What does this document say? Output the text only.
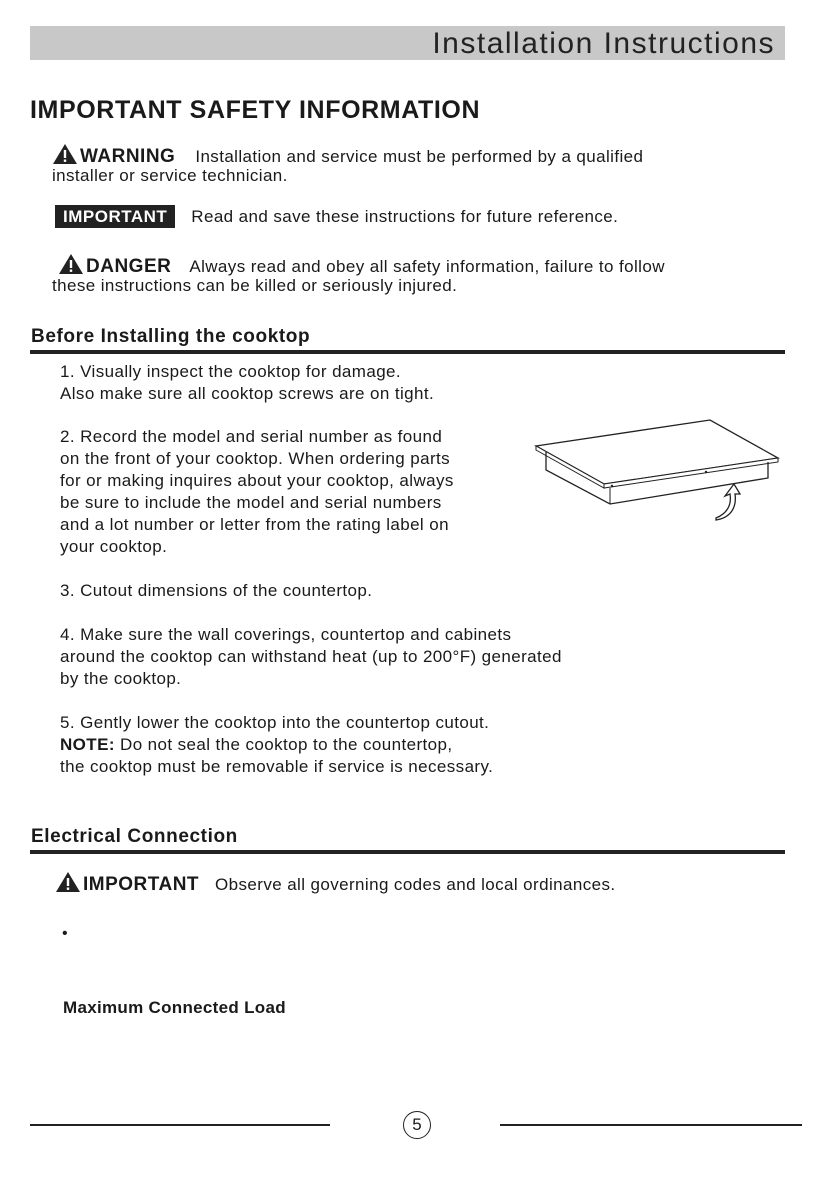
Installation Instructions
IMPORTANT SAFETY INFORMATION
WARNING Installation and service must be performed by a qualified
installer or service technician.
IMPORTANT Read and save these instructions for future reference.
DANGER Always read and obey all safety information, failure to follow
these instructions can be killed or seriously injured.
Before Installing the cooktop
1. Visually inspect the cooktop for damage.
Also make sure all cooktop screws are on tight.
2. Record the model and serial number as found
on the front of your cooktop. When ordering parts
for or making inquires about your cooktop, always
be sure to include the model and serial numbers
and a lot number or letter from the rating label on
your cooktop.
3. Cutout dimensions of the countertop.
4. Make sure the wall coverings, countertop and cabinets
around the cooktop can withstand heat (up to 200°F) generated
by the cooktop.
5. Gently lower the cooktop into the countertop cutout.
NOTE: Do not seal the cooktop to the countertop,
the cooktop must be removable if service is necessary.
Electrical Connection
IMPORTANT Observe all governing codes and local ordinances.
•
Maximum Connected Load
5
